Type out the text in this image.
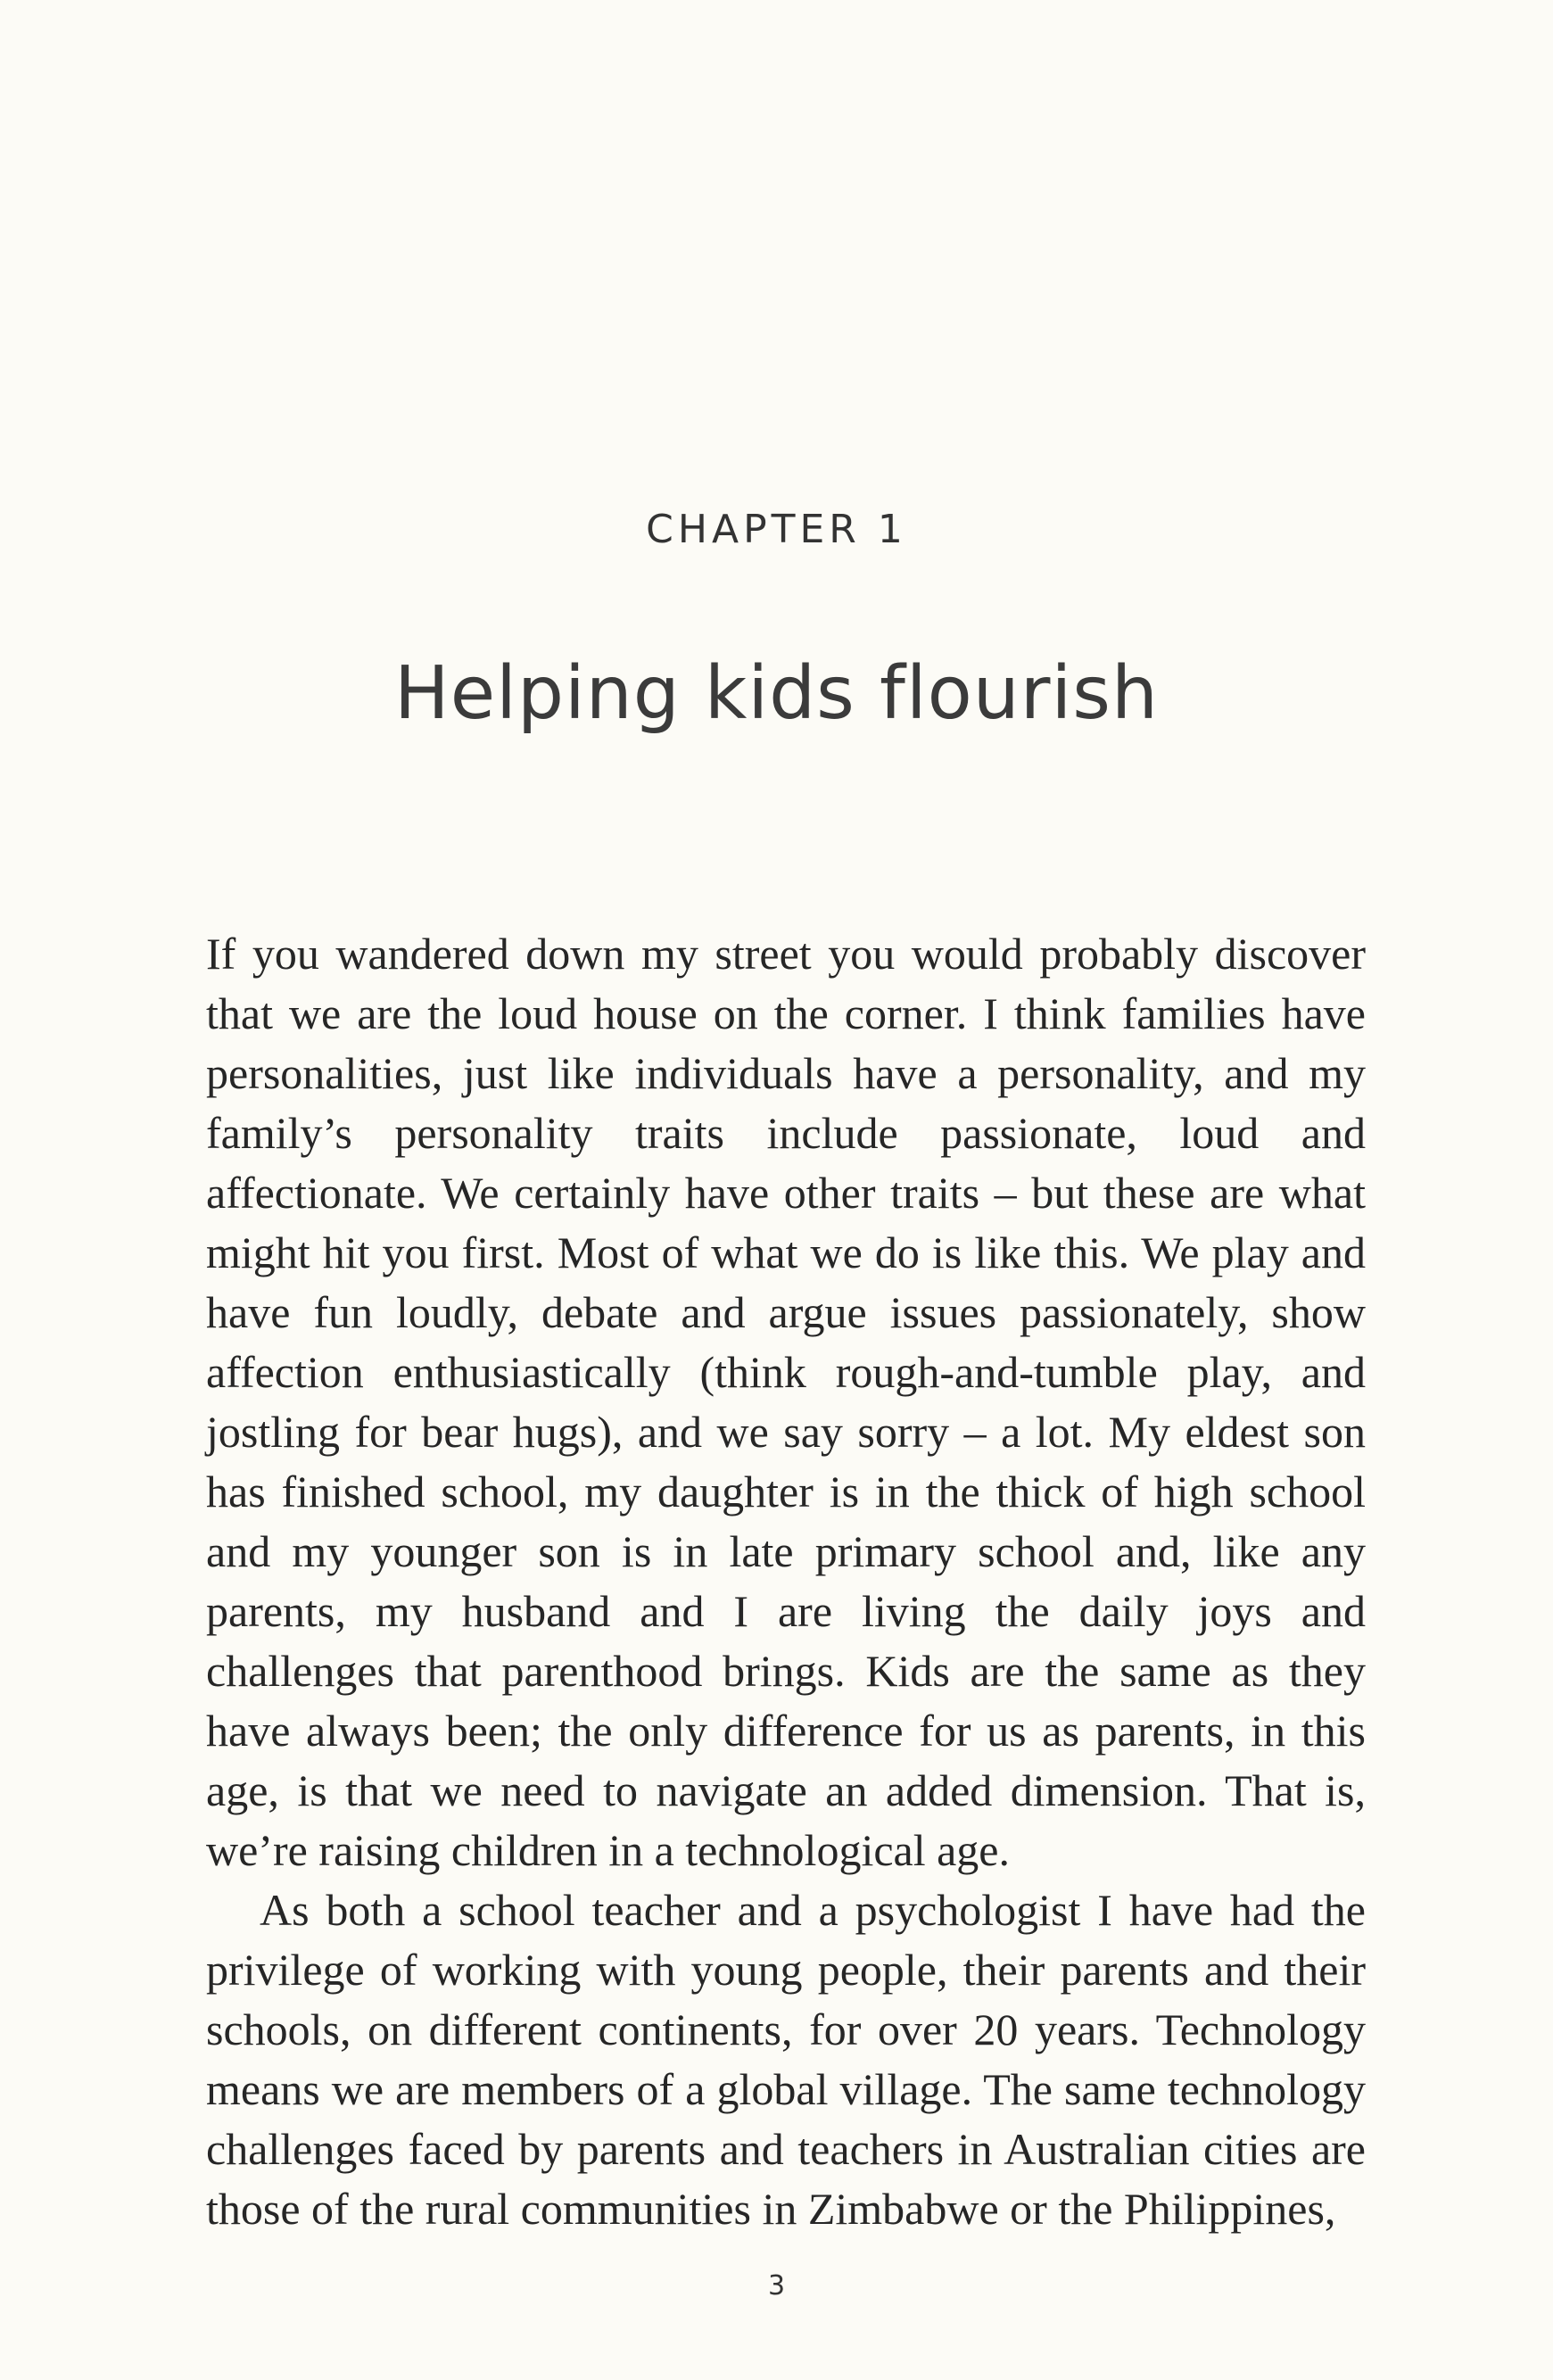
CHAPTER 1
Helping kids flourish

If you wandered down my street you would probably discover that we are the loud house on the corner. I think families have personalities, just like individuals have a personality, and my family’s personality traits include passionate, loud and affectionate. We certainly have other traits – but these are what might hit you first. Most of what we do is like this. We play and have fun loudly, debate and argue issues passionately, show affection enthusiastically (think rough-and-tumble play, and jostling for bear hugs), and we say sorry – a lot. My eldest son has finished school, my daughter is in the thick of high school and my younger son is in late primary school and, like any parents, my husband and I are living the daily joys and challenges that parenthood brings. Kids are the same as they have always been; the only difference for us as parents, in this age, is that we need to navigate an added dimension. That is, we’re raising children in a technological age.

As both a school teacher and a psychologist I have had the privilege of working with young people, their parents and their schools, on different continents, for over 20 years. Technology means we are members of a global village. The same technology challenges faced by parents and teachers in Australian cities are those of the rural communities in Zimbabwe or the Philippines,

3
